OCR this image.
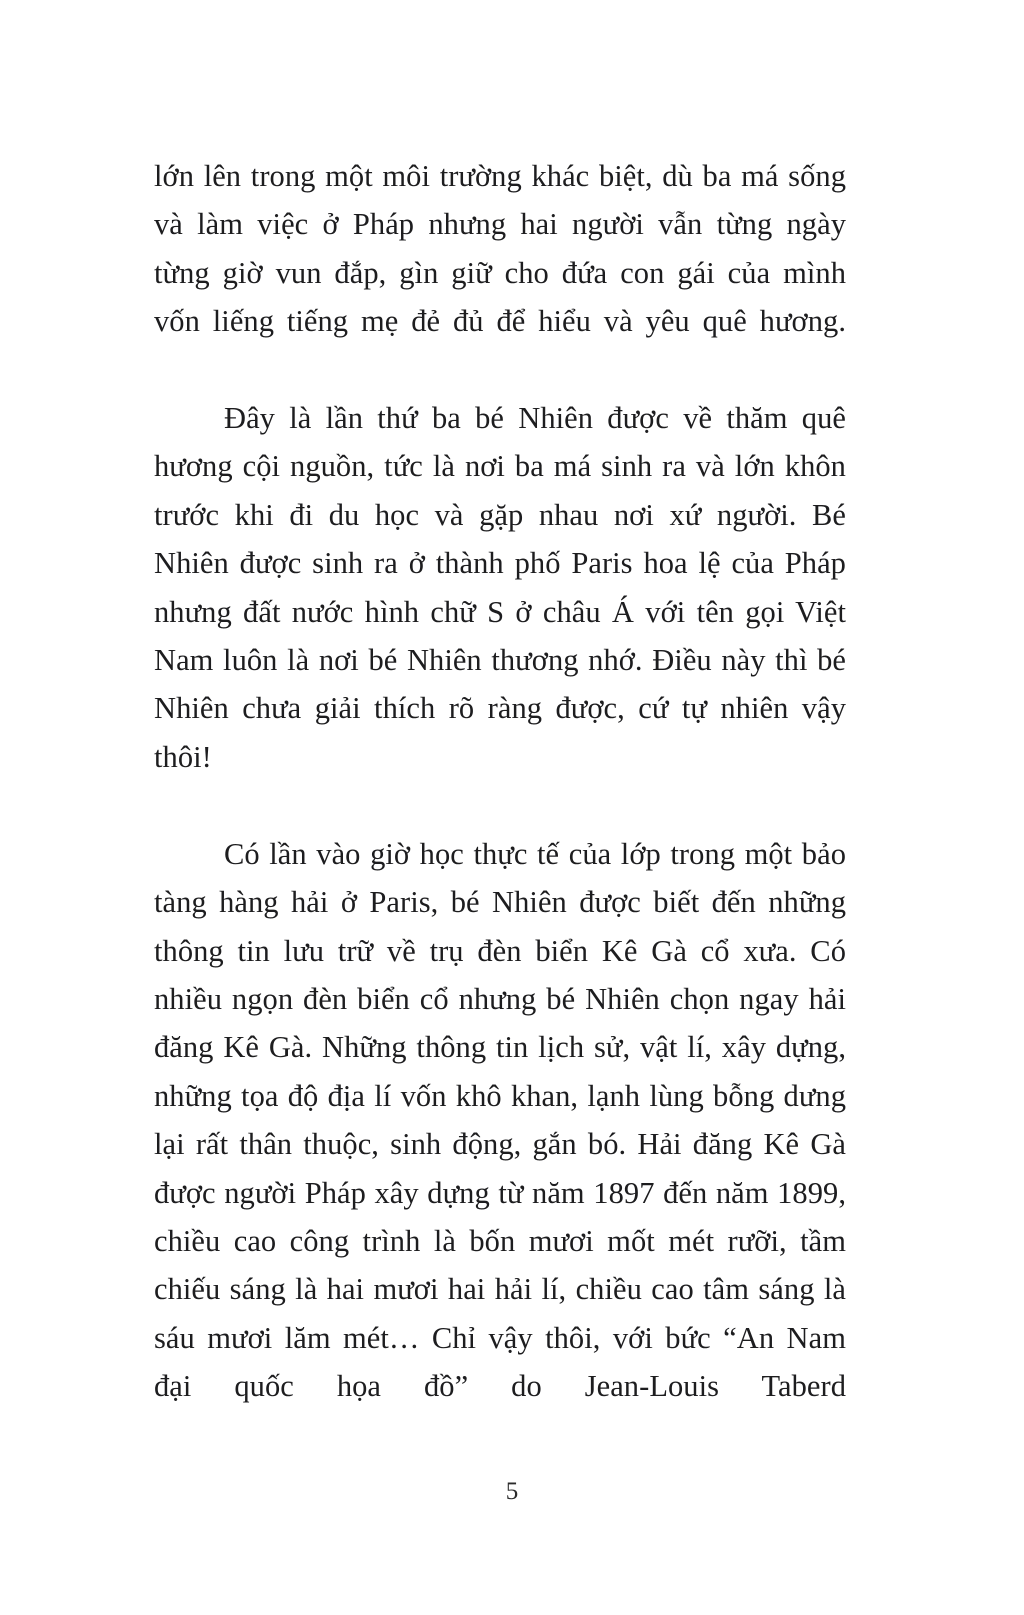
lớn lên trong một môi trường khác biệt, dù ba má sống và làm việc ở Pháp nhưng hai người vẫn từng ngày từng giờ vun đắp, gìn giữ cho đứa con gái của mình vốn liếng tiếng mẹ đẻ đủ để hiểu và yêu quê hương.

Đây là lần thứ ba bé Nhiên được về thăm quê hương cội nguồn, tức là nơi ba má sinh ra và lớn khôn trước khi đi du học và gặp nhau nơi xứ người. Bé Nhiên được sinh ra ở thành phố Paris hoa lệ của Pháp nhưng đất nước hình chữ S ở châu Á với tên gọi Việt Nam luôn là nơi bé Nhiên thương nhớ. Điều này thì bé Nhiên chưa giải thích rõ ràng được, cứ tự nhiên vậy thôi!

Có lần vào giờ học thực tế của lớp trong một bảo tàng hàng hải ở Paris, bé Nhiên được biết đến những thông tin lưu trữ về trụ đèn biển Kê Gà cổ xưa. Có nhiều ngọn đèn biển cổ nhưng bé Nhiên chọn ngay hải đăng Kê Gà. Những thông tin lịch sử, vật lí, xây dựng, những tọa độ địa lí vốn khô khan, lạnh lùng bỗng dưng lại rất thân thuộc, sinh động, gắn bó. Hải đăng Kê Gà được người Pháp xây dựng từ năm 1897 đến năm 1899, chiều cao công trình là bốn mươi mốt mét rưỡi, tầm chiếu sáng là hai mươi hai hải lí, chiều cao tâm sáng là sáu mươi lăm mét… Chỉ vậy thôi, với bức “An Nam đại quốc họa đồ” do Jean-Louis Taberd

5
